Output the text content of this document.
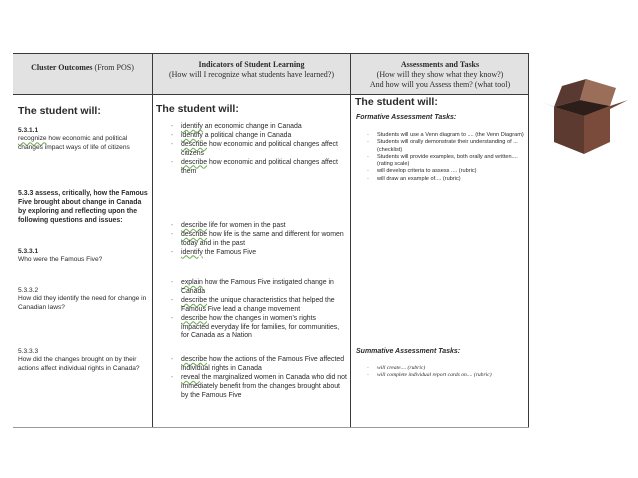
Cluster Outcomes (From POS)	Indicators of Student Learning
(How will I recognize what students have learned?)
Assessments and Tasks
(How will they show what they know?)
And how will you Assess them? (what tool)

The student will:

5.3.1.1

recognize how economic and political changes impact ways of life of citizens

5.3.3 assess, critically, how the Famous Five brought about change in Canada by exploring and reflecting upon the following questions and issues:

5.3.3.1

Who were the Famous Five?

5.3.3.2

How did they identify the need for change in Canadian laws?

5.3.3.3

How did the changes brought on by their actions affect individual rights in Canada?

The student will:

- identify an economic change in Canada
- identify a political change in Canada
- describe how economic and political changes affect citizens
- describe how economic and political changes affect them
- describe life for women in the past
- describe how life is the same and different for women today and in the past
- identify the Famous Five
- explain how the Famous Five instigated change in Canada
- describe the unique characteristics that helped the Famous Five lead a change movement
- describe how the changes in women's rights impacted everyday life for families, for communities, for Canada as a Nation
- describe how the actions of the Famous Five affected individual rights in Canada
- reveal the marginalized women in Canada who did not immediately benefit from the changes brought about by the Famous Five

The student will:

Formative Assessment Tasks:

- Students will use a Venn diagram to .... (the Venn Diagram)
- Students will orally demonstrate their understanding of ... (checklist)
- Students will provide examples, both orally and written.... (rating scale)
- will develop criteria to assess .... (rubric)
- will draw an example of.... (rubric)

Summative Assessment Tasks:

- will create.... (rubric)
- will complete individual report cards on.... (rubric)
